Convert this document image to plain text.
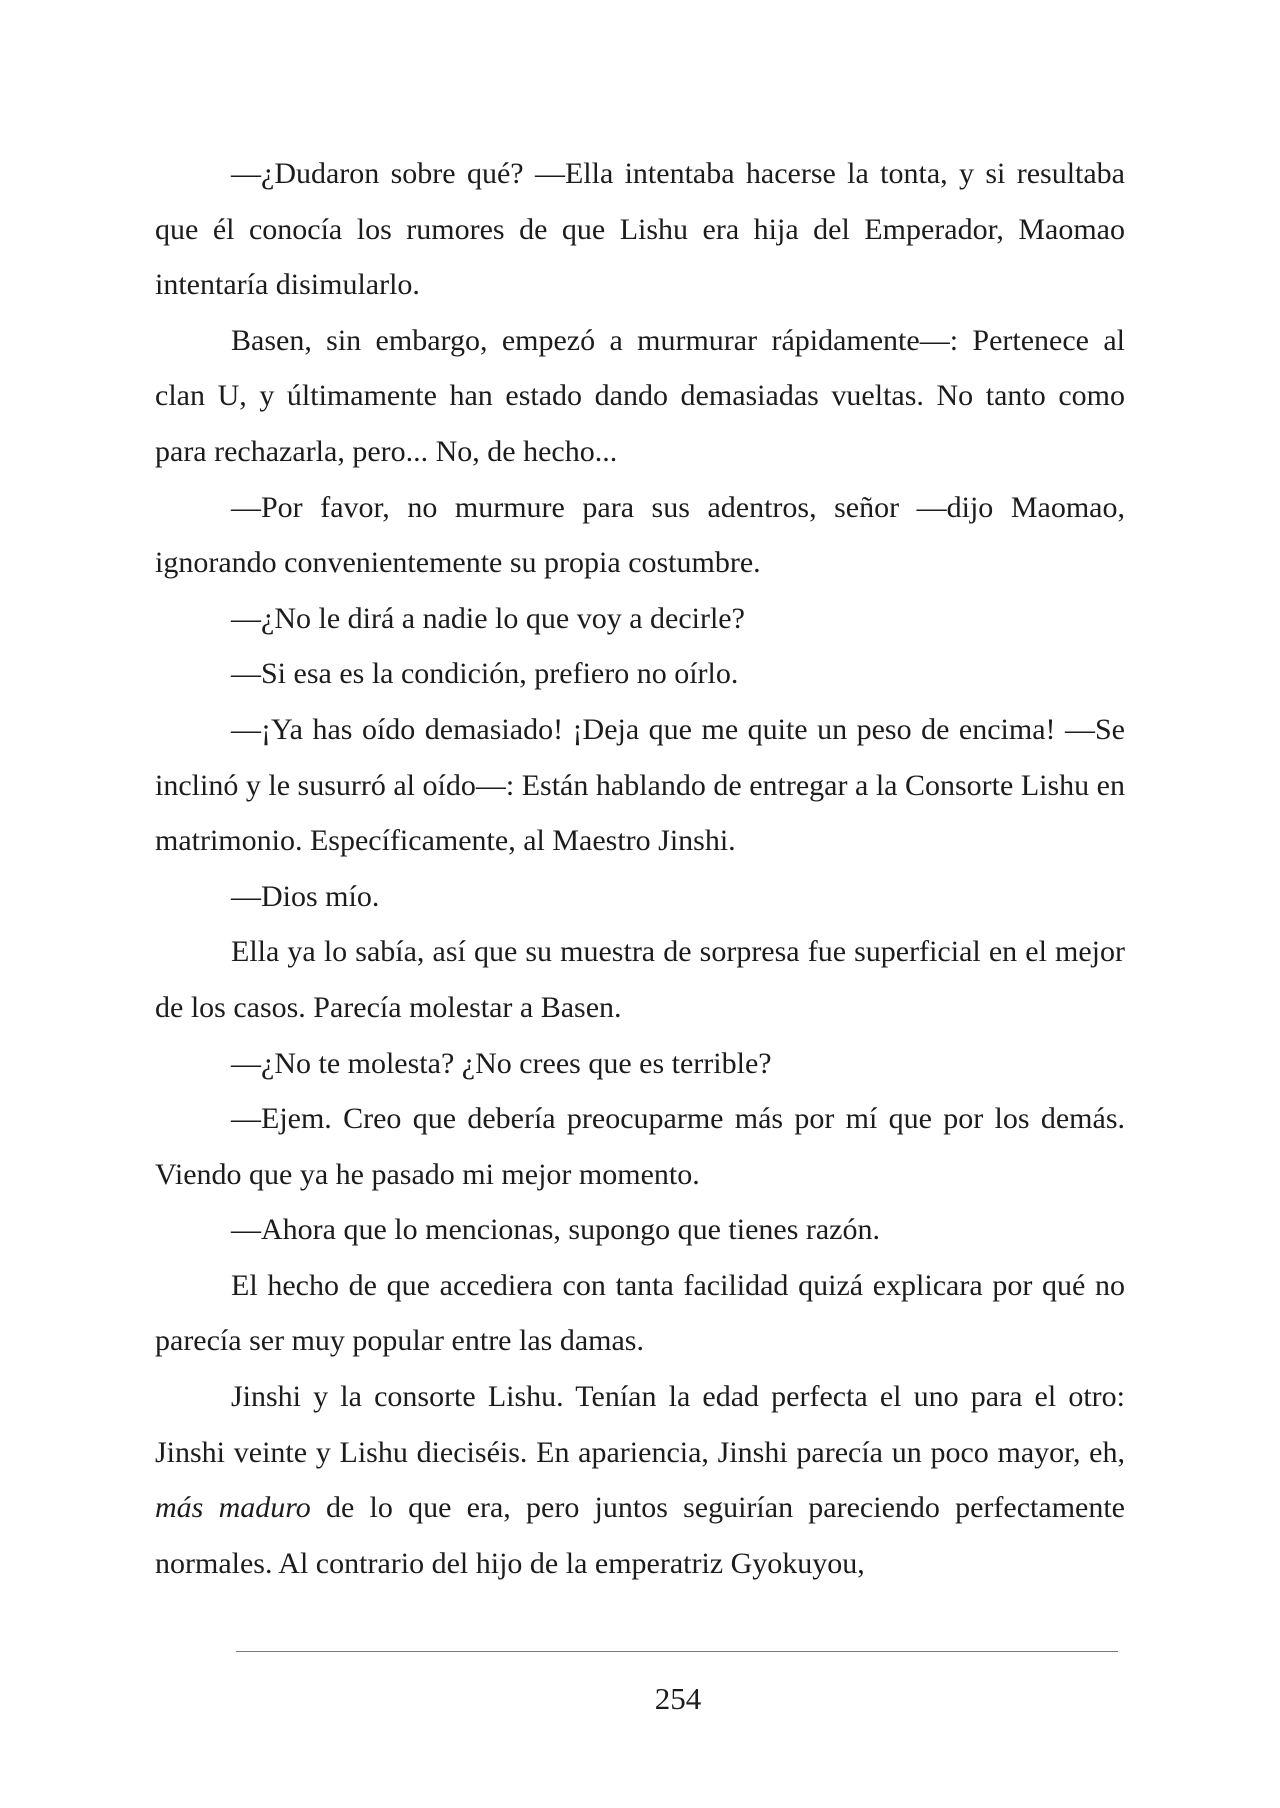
—¿Dudaron sobre qué? —Ella intentaba hacerse la tonta, y si resultaba que él conocía los rumores de que Lishu era hija del Emperador, Maomao intentaría disimularlo.

Basen, sin embargo, empezó a murmurar rápidamente—: Pertenece al clan U, y últimamente han estado dando demasiadas vueltas. No tanto como para rechazarla, pero... No, de hecho...

—Por favor, no murmure para sus adentros, señor —dijo Maomao, ignorando convenientemente su propia costumbre.

—¿No le dirá a nadie lo que voy a decirle?

—Si esa es la condición, prefiero no oírlo.

—¡Ya has oído demasiado! ¡Deja que me quite un peso de encima! —Se inclinó y le susurró al oído—: Están hablando de entregar a la Consorte Lishu en matrimonio. Específicamente, al Maestro Jinshi.

—Dios mío.

Ella ya lo sabía, así que su muestra de sorpresa fue superficial en el mejor de los casos. Parecía molestar a Basen.

—¿No te molesta? ¿No crees que es terrible?

—Ejem. Creo que debería preocuparme más por mí que por los demás. Viendo que ya he pasado mi mejor momento.

—Ahora que lo mencionas, supongo que tienes razón.

El hecho de que accediera con tanta facilidad quizá explicara por qué no parecía ser muy popular entre las damas.

Jinshi y la consorte Lishu. Tenían la edad perfecta el uno para el otro: Jinshi veinte y Lishu dieciséis. En apariencia, Jinshi parecía un poco mayor, eh, más maduro de lo que era, pero juntos seguirían pareciendo perfectamente normales. Al contrario del hijo de la emperatriz Gyokuyou,

254
